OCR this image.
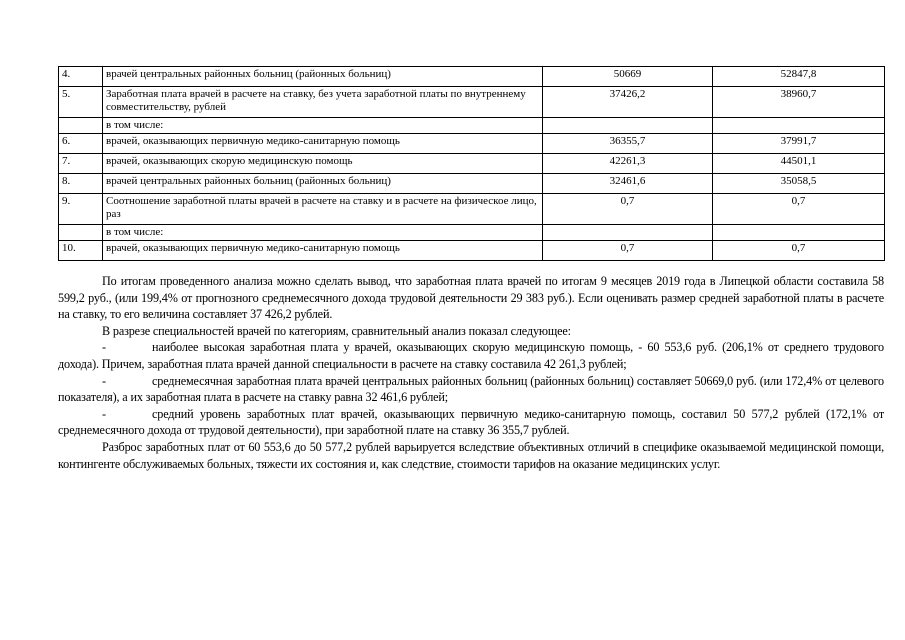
4.	врачей центральных районных больниц (районных больниц)	50669	52847,8
5.	Заработная плата врачей в расчете на ставку, без учета заработной платы по внутреннему совместительству, рублей	37426,2	38960,7
	в том числе:		
6.	врачей, оказывающих первичную медико-санитарную помощь	36355,7	37991,7
7.	врачей, оказывающих скорую медицинскую помощь	42261,3	44501,1
8.	врачей центральных районных больниц (районных больниц)	32461,6	35058,5
9.	Соотношение заработной платы врачей в расчете на ставку и в расчете на физическое лицо, раз	0,7	0,7
	в том числе:		
10.	врачей, оказывающих первичную медико-санитарную помощь	0,7	0,7

По итогам проведенного анализа можно сделать вывод, что заработная плата врачей по итогам 9 месяцев 2019 года в Липецкой области составила 58 599,2 руб., (или 199,4% от прогнозного среднемесячного дохода трудовой деятельности 29 383 руб.). Если оценивать размер средней заработной платы в расчете на ставку, то его величина составляет 37 426,2 рублей.

В разрезе специальностей врачей по категориям, сравнительный анализ показал следующее:

-	наиболее высокая заработная плата у врачей, оказывающих скорую медицинскую помощь, - 60 553,6 руб. (206,1% от среднего трудового дохода). Причем, заработная плата врачей данной специальности в расчете на ставку составила 42 261,3 рублей;

-	среднемесячная заработная плата врачей центральных районных больниц (районных больниц) составляет 50669,0 руб. (или 172,4% от целевого показателя), а их заработная плата в расчете на ставку равна 32 461,6 рублей;

-	средний уровень заработных плат врачей, оказывающих первичную медико-санитарную помощь, составил 50 577,2 рублей (172,1% от среднемесячного дохода от трудовой деятельности), при заработной плате на ставку 36 355,7 рублей.

Разброс заработных плат от 60 553,6 до 50 577,2 рублей варьируется вследствие объективных отличий в специфике оказываемой медицинской помощи, контингенте обслуживаемых больных, тяжести их состояния и, как следствие, стоимости тарифов на оказание медицинских услуг.
